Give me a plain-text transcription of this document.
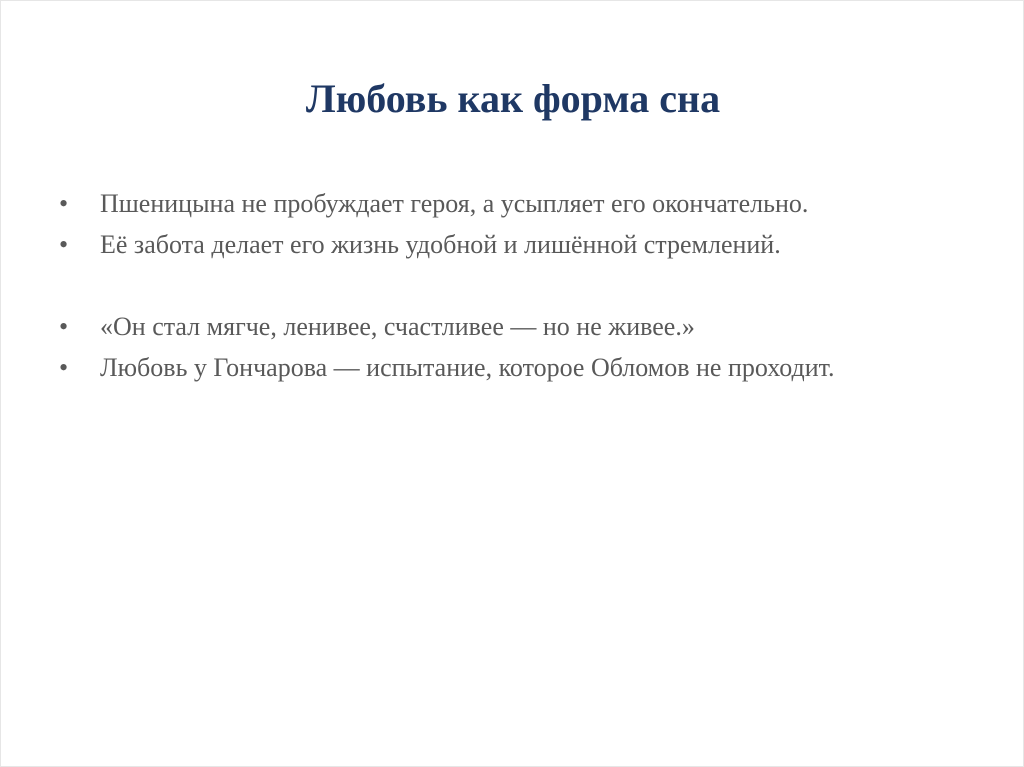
Любовь как форма сна
•	Пшеницына не пробуждает героя, а усыпляет его окончательно.
•	Её забота делает его жизнь удобной и лишённой стремлений.
•	«Он стал мягче, ленивее, счастливее — но не живее.»
•	Любовь у Гончарова — испытание, которое Обломов не проходит.
